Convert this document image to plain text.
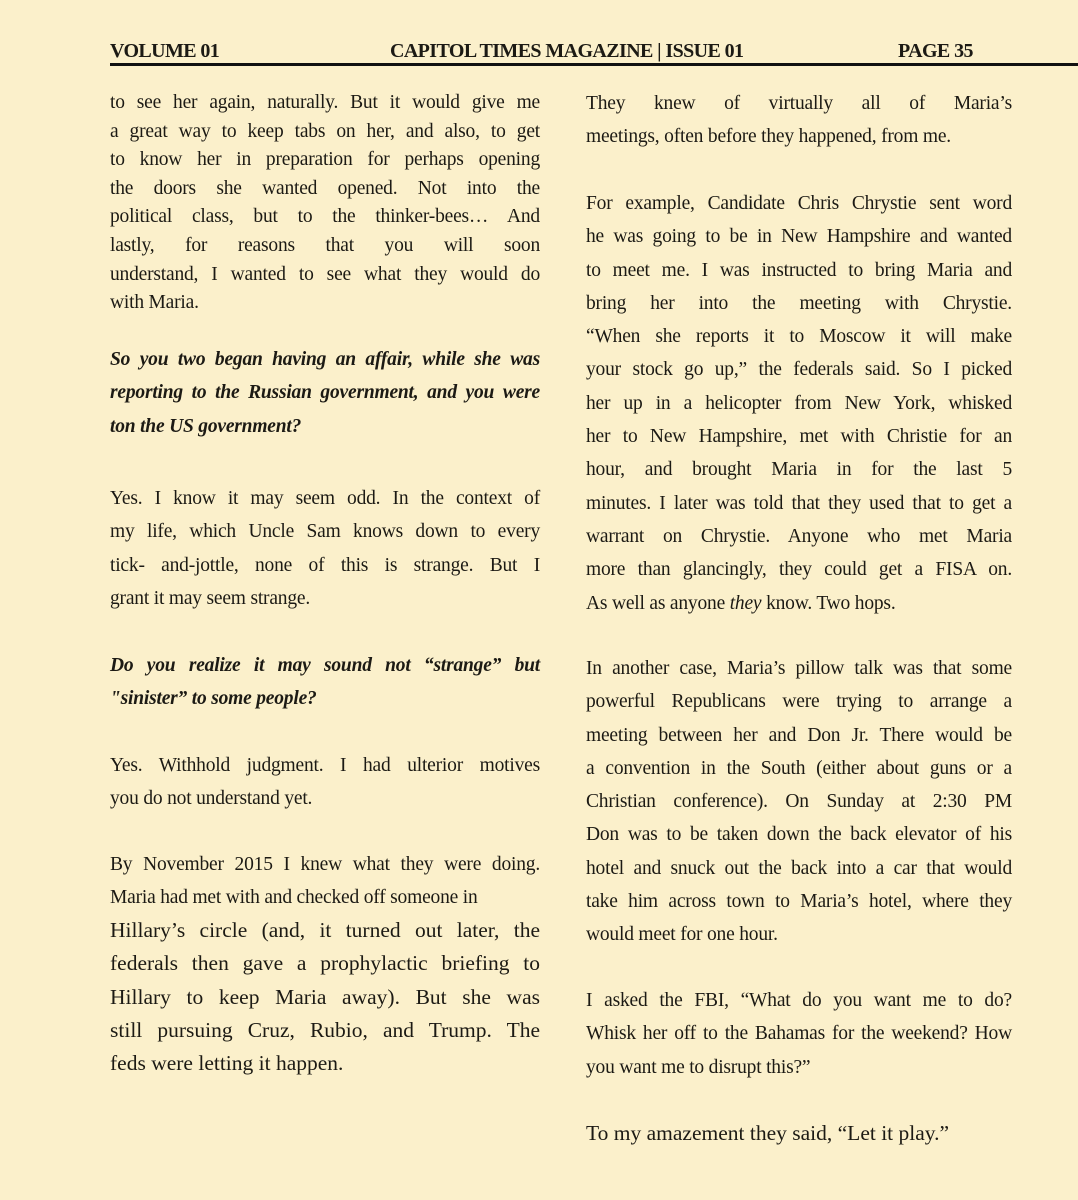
VOLUME 01	CAPITOL TIMES MAGAZINE | ISSUE 01	PAGE 35
to see her again, naturally. But it would give me
a great way to keep tabs on her, and also, to get
to know her in preparation for perhaps opening
the doors she wanted opened. Not into the
political class, but to the thinker-bees… And
lastly, for reasons that you will soon
understand, I wanted to see what they would do
with Maria.
So you two began having an affair, while she was
reporting to the Russian government, and you were
ton the US government?
Yes. I know it may seem odd. In the context of
my life, which Uncle Sam knows down to every
tick- and-jottle, none of this is strange. But I
grant it may seem strange.
Do you realize it may sound not “strange” but
"sinister” to some people?
Yes. Withhold judgment. I had ulterior motives
you do not understand yet.
By November 2015 I knew what they were doing.
Maria had met with and checked off someone in
Hillary’s circle (and, it turned out later, the
federals then gave a prophylactic briefing to
Hillary to keep Maria away). But she was
still pursuing Cruz, Rubio, and Trump. The
feds were letting it happen.
They knew of virtually all of Maria’s
meetings, often before they happened, from me.
For example, Candidate Chris Chrystie sent word
he was going to be in New Hampshire and wanted
to meet me. I was instructed to bring Maria and
bring her into the meeting with Chrystie.
“When she reports it to Moscow it will make
your stock go up,” the federals said. So I picked
her up in a helicopter from New York, whisked
her to New Hampshire, met with Christie for an
hour, and brought Maria in for the last 5
minutes. I later was told that they used that to get a
warrant on Chrystie. Anyone who met Maria
more than glancingly, they could get a FISA on.
As well as anyone they know. Two hops.
In another case, Maria’s pillow talk was that some
powerful Republicans were trying to arrange a
meeting between her and Don Jr. There would be
a convention in the South (either about guns or a
Christian conference). On Sunday at 2:30 PM
Don was to be taken down the back elevator of his
hotel and snuck out the back into a car that would
take him across town to Maria’s hotel, where they
would meet for one hour.
I asked the FBI, “What do you want me to do?
Whisk her off to the Bahamas for the weekend? How
you want me to disrupt this?”
To my amazement they said, “Let it play.”
